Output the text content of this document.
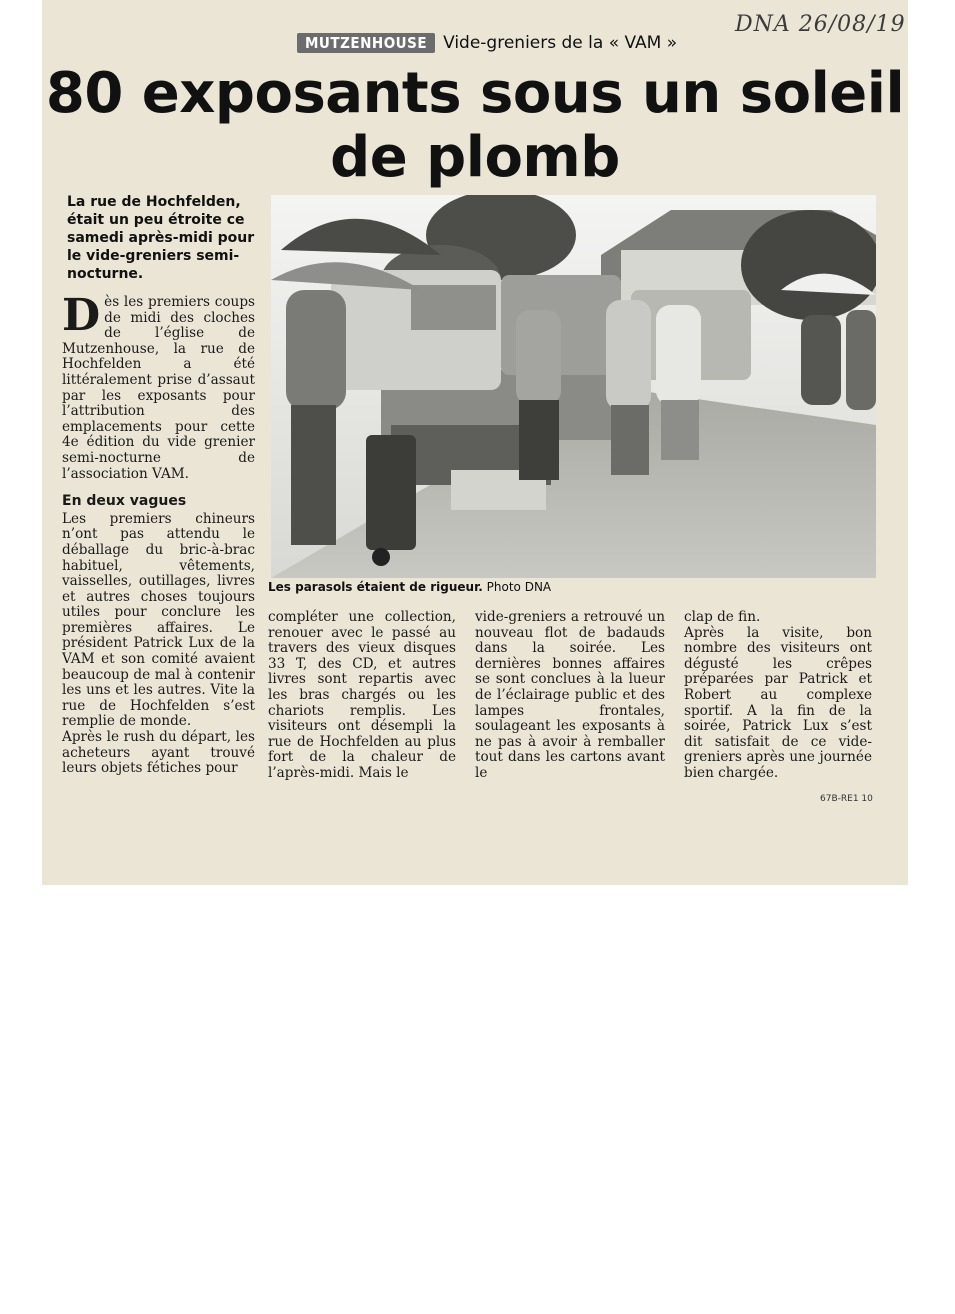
MUTZENHOUSE Vide-greniers de la « VAM »
DNA 26/08/19
80 exposants sous un soleil
de plomb
La rue de Hochfelden, était un peu étroite ce samedi après-midi pour le vide-greniers semi-nocturne.

D ès les premiers coups de midi des cloches de l’église de Mutzenhouse, la rue de Hochfelden a été littéralement prise d’assaut par les exposants pour l’attribution des emplacements pour cette 4e édition du vide grenier semi-nocturne de l’association VAM.

En deux vagues

Les premiers chineurs n’ont pas attendu le déballage du bric-à-brac habituel, vêtements, vaisselles, outillages, livres et autres choses toujours utiles pour conclure les premières affaires. Le président Patrick Lux de la VAM et son comité avaient beaucoup de mal à contenir les uns et les autres. Vite la rue de Hochfelden s’est remplie de monde.

Après le rush du départ, les acheteurs ayant trouvé leurs objets fétiches pour

Les parasols étaient de rigueur. Photo DNA

compléter une collection, renouer avec le passé au travers des vieux disques 33 T, des CD, et autres livres sont repartis avec les bras chargés ou les chariots remplis. Les visiteurs ont désempli la rue de Hochfelden au plus fort de la chaleur de l’après-midi. Mais le

vide-greniers a retrouvé un nouveau flot de badauds dans la soirée. Les dernières bonnes affaires se sont conclues à la lueur de l’éclairage public et des lampes frontales, soulageant les exposants à ne pas à avoir à remballer tout dans les cartons avant le

clap de fin.

Après la visite, bon nombre des visiteurs ont dégusté les crêpes préparées par Patrick et Robert au complexe sportif. A la fin de la soirée, Patrick Lux s’est dit satisfait de ce vide-greniers après une journée bien chargée.

67B-RE1 10
